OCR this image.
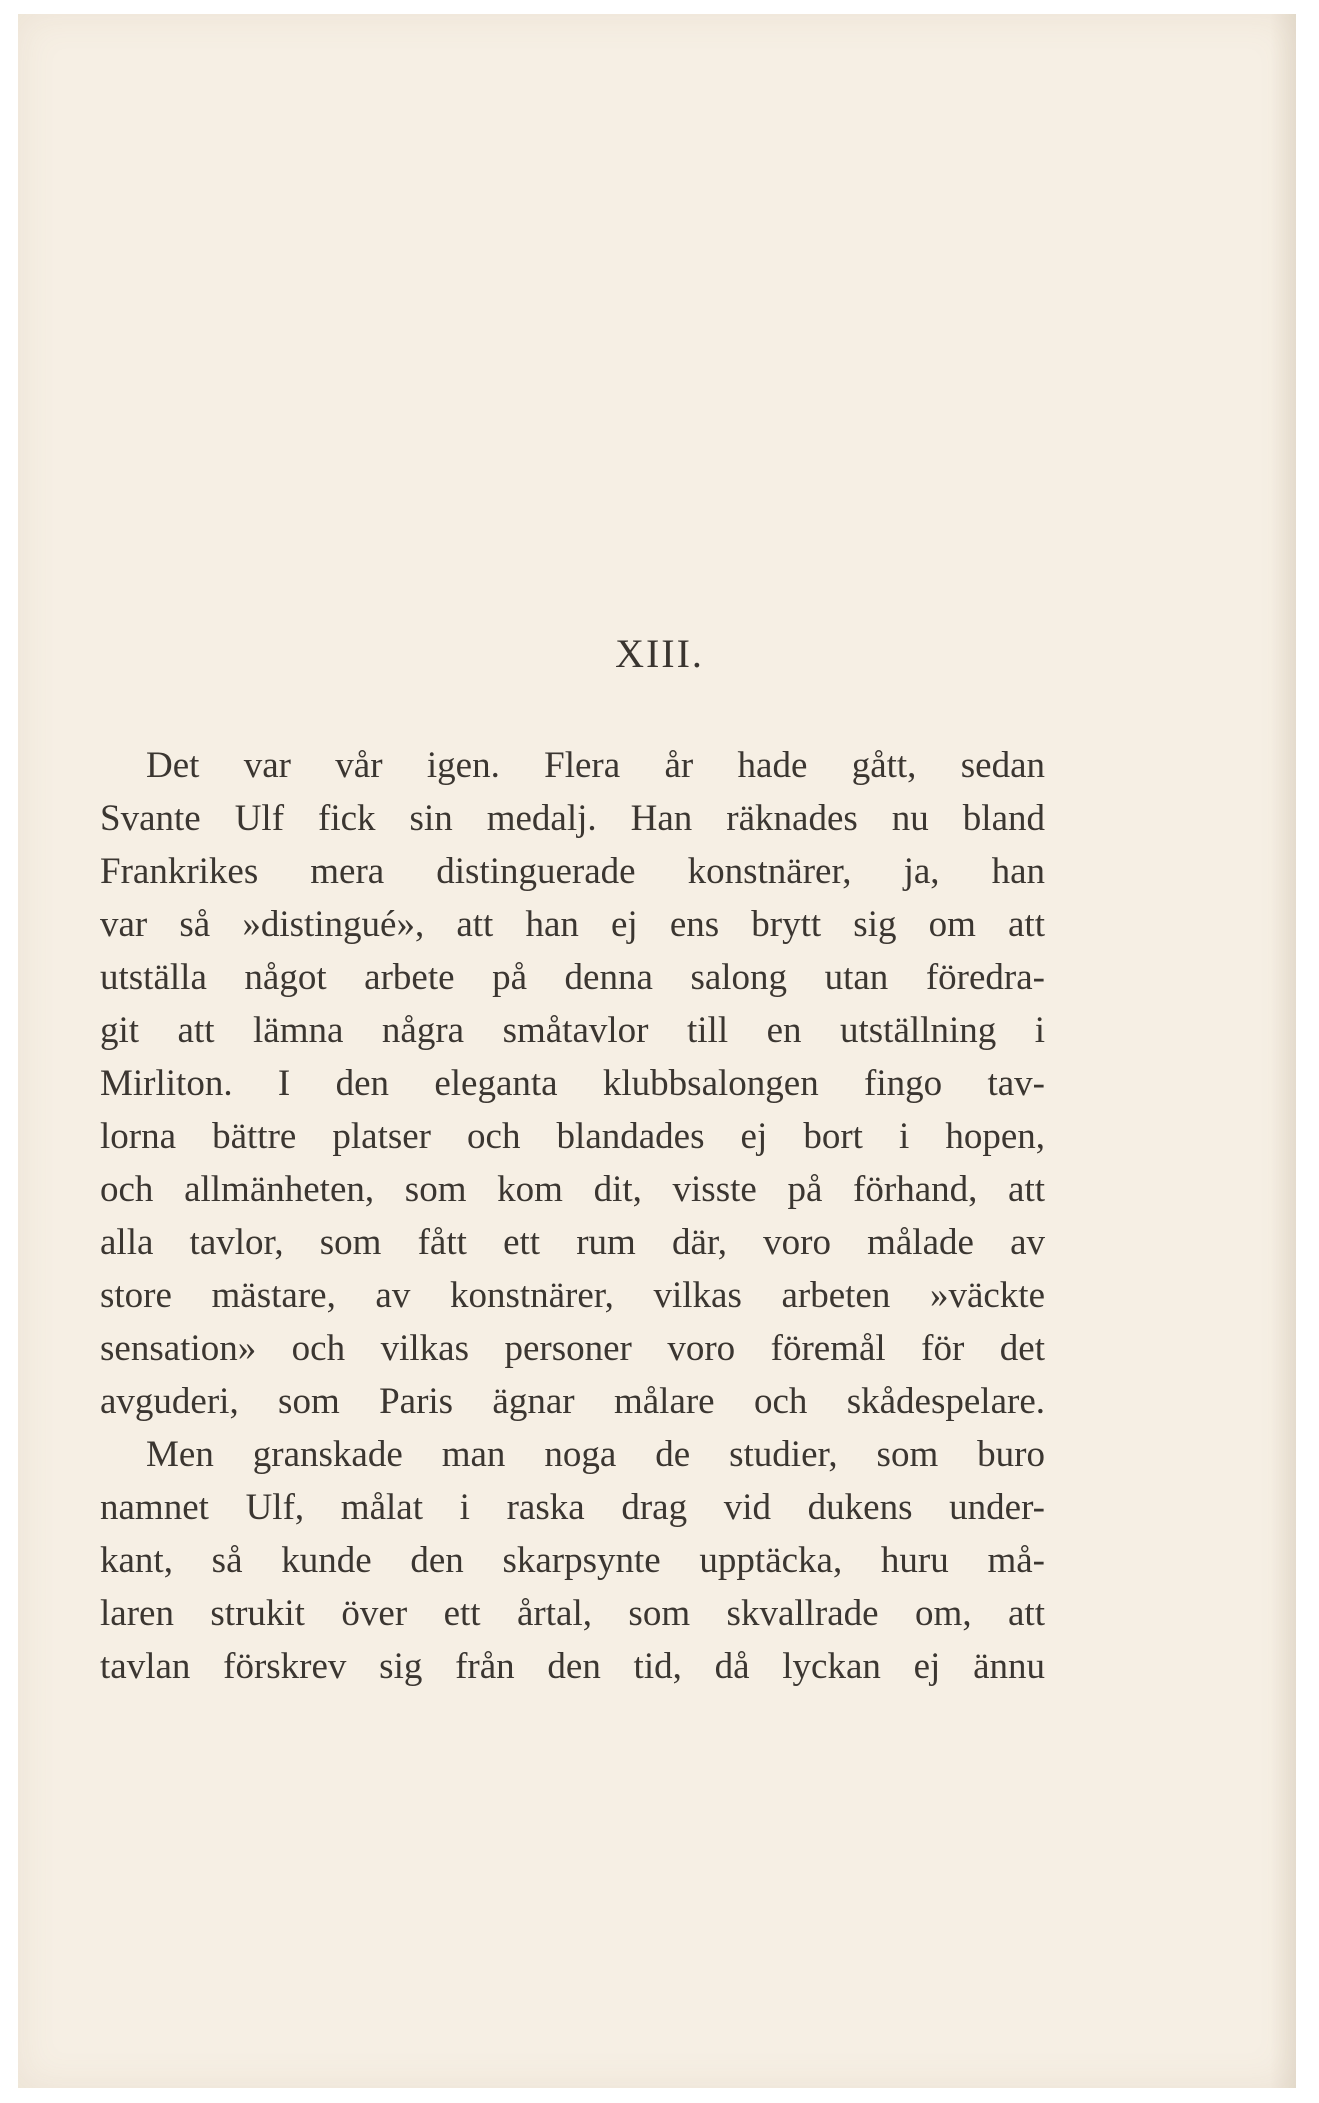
XIII.
Det var vår igen. Flera år hade gått, sedan
Svante Ulf fick sin medalj. Han räknades nu bland
Frankrikes mera distinguerade konstnärer, ja, han
var så »distingué», att han ej ens brytt sig om att
utställa något arbete på denna salong utan föredra-
git att lämna några småtavlor till en utställning i
Mirliton. I den eleganta klubbsalongen fingo tav-
lorna bättre platser och blandades ej bort i hopen,
och allmänheten, som kom dit, visste på förhand, att
alla tavlor, som fått ett rum där, voro målade av
store mästare, av konstnärer, vilkas arbeten »väckte
sensation» och vilkas personer voro föremål för det
avguderi, som Paris ägnar målare och skådespelare.
Men granskade man noga de studier, som buro
namnet Ulf, målat i raska drag vid dukens under-
kant, så kunde den skarpsynte upptäcka, huru må-
laren strukit över ett årtal, som skvallrade om, att
tavlan förskrev sig från den tid, då lyckan ej ännu
